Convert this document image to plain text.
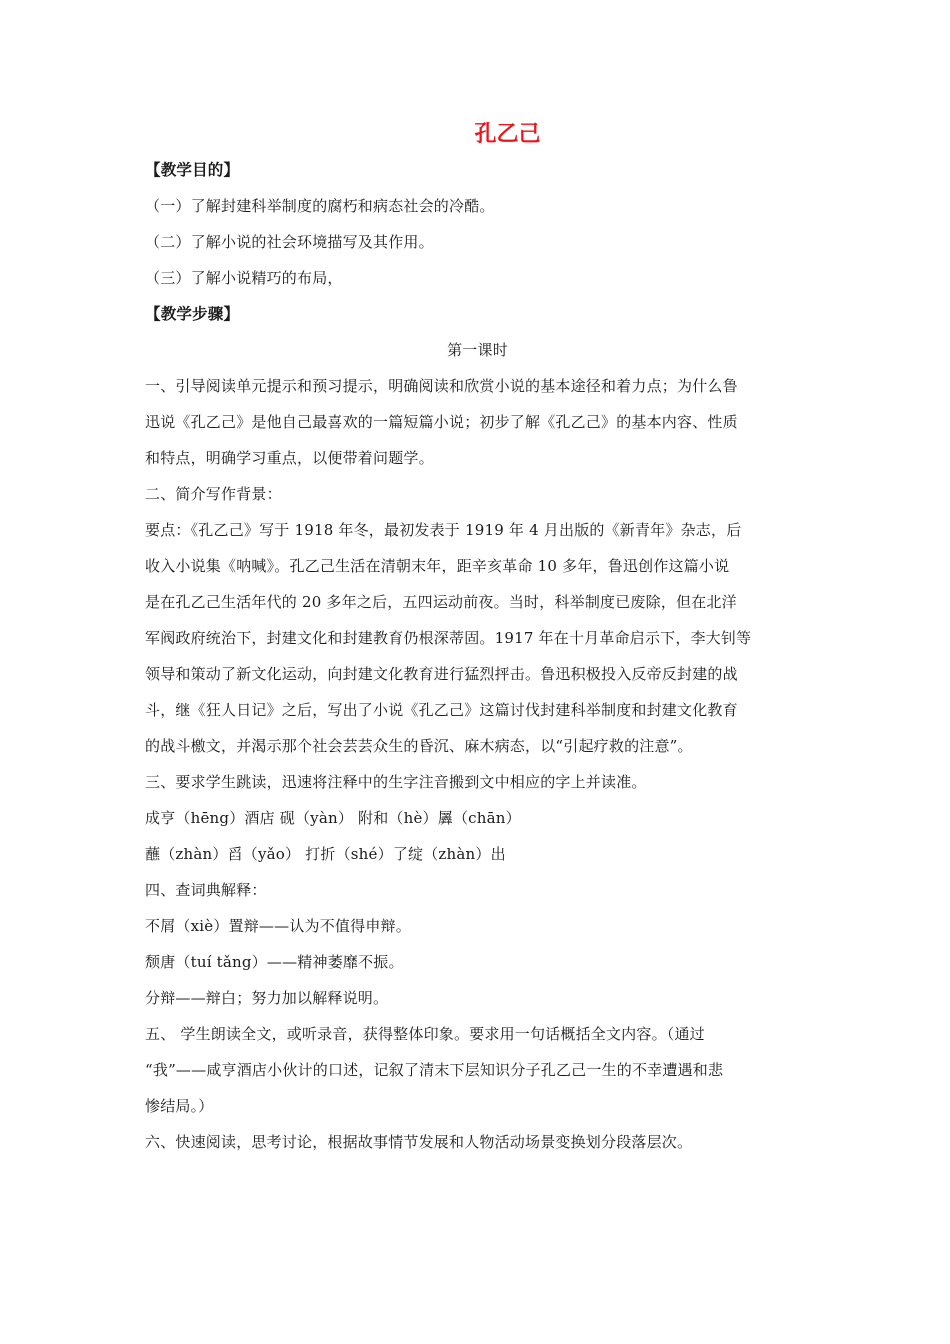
孔乙己
【教学目的】
（一）了解封建科举制度的腐朽和病态社会的冷酷。
（二）了解小说的社会环境描写及其作用。
（三）了解小说精巧的布局，
【教学步骤】
第一课时
一、引导阅读单元提示和预习提示，明确阅读和欣赏小说的基本途径和着力点；为什么鲁
迅说《孔乙己》是他自己最喜欢的一篇短篇小说；初步了解《孔乙己》的基本内容、性质
和特点，明确学习重点，以便带着问题学。
二、简介写作背景：
要点：《孔乙己》写于 1918 年冬，最初发表于 1919 年 4 月出版的《新青年》杂志，后
收入小说集《呐喊》。孔乙己生活在清朝末年，距辛亥革命 10 多年，鲁迅创作这篇小说
是在孔乙己生活年代的 20 多年之后，五四运动前夜。当时，科举制度已废除，但在北洋
军阀政府统治下，封建文化和封建教育仍根深蒂固。1917 年在十月革命启示下，李大钊等
领导和策动了新文化运动，向封建文化教育进行猛烈抨击。鲁迅积极投入反帝反封建的战
斗，继《狂人日记》之后，写出了小说《孔乙己》这篇讨伐封建科举制度和封建文化教育
的战斗檄文，并渴示那个社会芸芸众生的昏沉、麻木病态，以“引起疗救的注意”。
三、要求学生跳读，迅速将注释中的生字注音搬到文中相应的字上并读准。
成亨（hēng）酒店 砚（yàn） 附和（hè）羼（chān）
蘸（zhàn）舀（yǎo） 打折（shé）了绽（zhàn）出
四、查词典解释：
不屑（xiè）置辩——认为不值得申辩。
颓唐（tuí tǎng）——精神萎靡不振。
分辩——辩白；努力加以解释说明。
五、 学生朗读全文，或听录音，获得整体印象。要求用一句话概括全文内容。（通过
“我”——咸亨酒店小伙计的口述，记叙了清末下层知识分子孔乙己一生的不幸遭遇和悲
惨结局。）
六、快速阅读，思考讨论，根据故事情节发展和人物活动场景变换划分段落层次。
